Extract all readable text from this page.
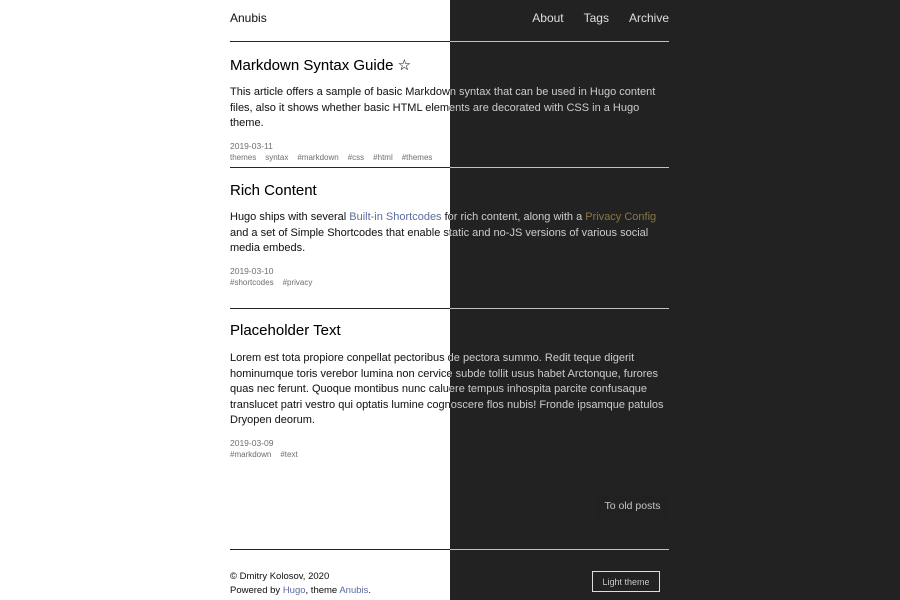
Anubis	About Tags Archive
Markdown Syntax Guide ☆

This article offers a sample of basic Markdown syntax that can be used in Hugo content files, also it shows whether basic HTML elements are decorated with CSS in a Hugo theme.

2019-03-11
themes syntax #markdown #css #html #themes
Rich Content

Hugo ships with several Built-in Shortcodes for rich content, along with a Privacy Config and a set of Simple Shortcodes that enable static and no-JS versions of various social media embeds.

2019-03-10
#shortcodes #privacy
Placeholder Text

Lorem est tota propiore conpellat pectoribus de pectora summo. Redit teque digerit hominumque toris verebor lumina non cervice subde tollit usus habet Arctonque, furores quas nec ferunt. Quoque montibus nunc caluere tempus inhospita parcite confusaque translucet patri vestro qui optatis lumine cognoscere flos nubis! Fronde ipsamque patulos Dryopen deorum.

2019-03-09
#markdown #text
To old posts
© Dmitry Kolosov, 2020
Powered by Hugo, theme Anubis.
Light theme
